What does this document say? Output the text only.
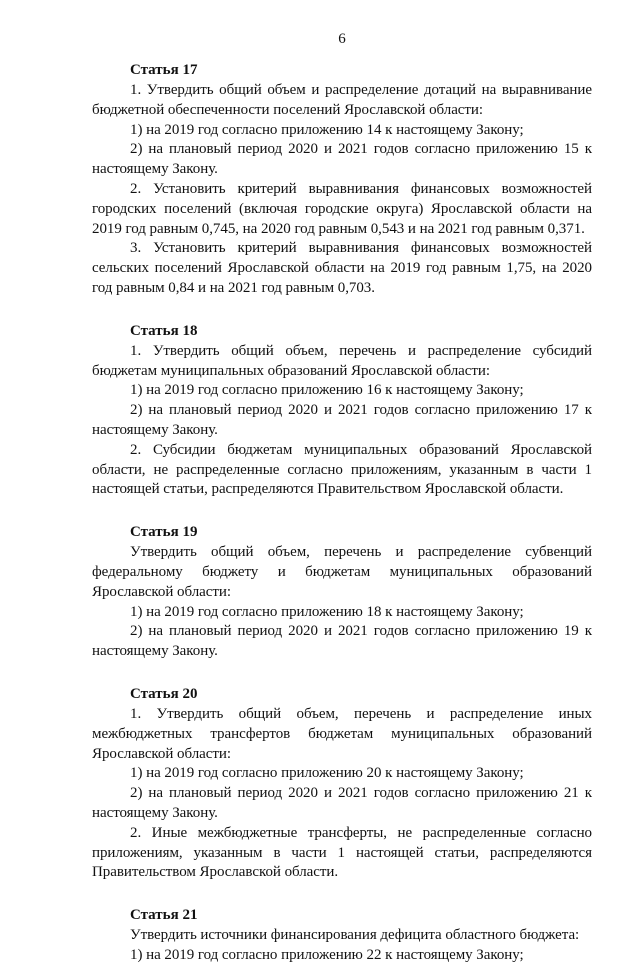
6
Статья 17

1. Утвердить общий объем и распределение дотаций на выравнивание бюджетной обеспеченности поселений Ярославской области:

1) на 2019 год согласно приложению 14 к настоящему Закону;

2) на плановый период 2020 и 2021 годов согласно приложению 15 к настоящему Закону.

2. Установить критерий выравнивания финансовых возможностей городских поселений (включая городские округа) Ярославской области на 2019 год равным 0,745, на 2020 год равным 0,543 и на 2021 год равным 0,371.

3. Установить критерий выравнивания финансовых возможностей сельских поселений Ярославской области на 2019 год равным 1,75, на 2020 год равным 0,84 и на 2021 год равным 0,703.

Статья 18

1. Утвердить общий объем, перечень и распределение субсидий бюджетам муниципальных образований Ярославской области:

1) на 2019 год согласно приложению 16 к настоящему Закону;

2) на плановый период 2020 и 2021 годов согласно приложению 17 к настоящему Закону.

2. Субсидии бюджетам муниципальных образований Ярославской области, не распределенные согласно приложениям, указанным в части 1 настоящей статьи, распределяются Правительством Ярославской области.

Статья 19

Утвердить общий объем, перечень и распределение субвенций федеральному бюджету и бюджетам муниципальных образований Ярославской области:

1) на 2019 год согласно приложению 18 к настоящему Закону;

2) на плановый период 2020 и 2021 годов согласно приложению 19 к настоящему Закону.

Статья 20

1. Утвердить общий объем, перечень и распределение иных межбюджетных трансфертов бюджетам муниципальных образований Ярославской области:

1) на 2019 год согласно приложению 20 к настоящему Закону;

2) на плановый период 2020 и 2021 годов согласно приложению 21 к настоящему Закону.

2. Иные межбюджетные трансферты, не распределенные согласно приложениям, указанным в части 1 настоящей статьи, распределяются Правительством Ярославской области.

Статья 21

Утвердить источники финансирования дефицита областного бюджета:

1) на 2019 год согласно приложению 22 к настоящему Закону;
